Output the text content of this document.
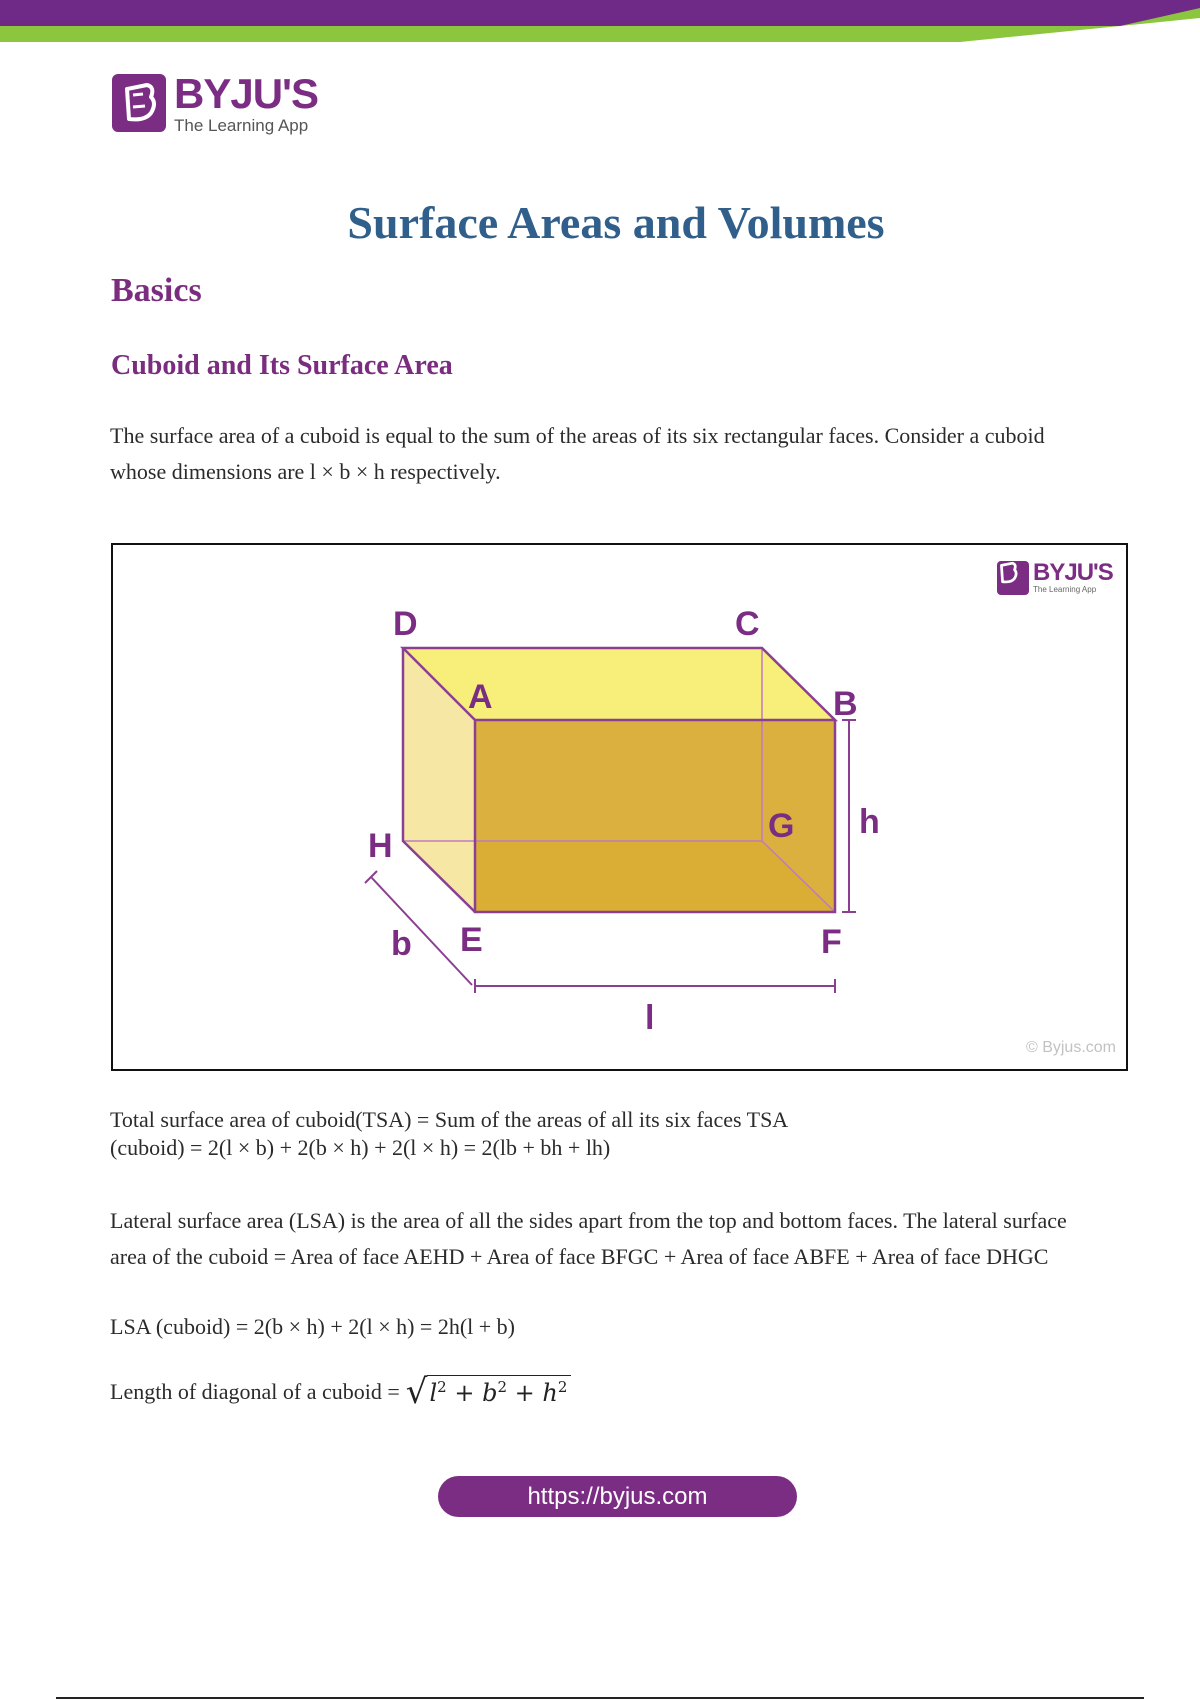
BYJU'S
The Learning App
Surface Areas and Volumes
Basics
Cuboid and Its Surface Area

The surface area of a cuboid is equal to the sum of the areas of its six rectangular faces. Consider a cuboid whose dimensions are l × b × h respectively.

D	C
A	B
G
H
E	F
h
b
l
BYJU'S
The Learning App
© Byjus.com

Total surface area of cuboid(TSA) = Sum of the areas of all its six faces TSA

(cuboid) = 2(l × b) + 2(b × h) + 2(l × h) = 2(lb + bh + lh)

Lateral surface area (LSA) is the area of all the sides apart from the top and bottom faces. The lateral surface area of the cuboid = Area of face AEHD + Area of face BFGC + Area of face ABFE + Area of face DHGC

LSA (cuboid) = 2(b × h) + 2(l × h) = 2h(l + b)

Length of diagonal of a cuboid = √ $l^2 + b^2 + h^2$
https://byjus.com
